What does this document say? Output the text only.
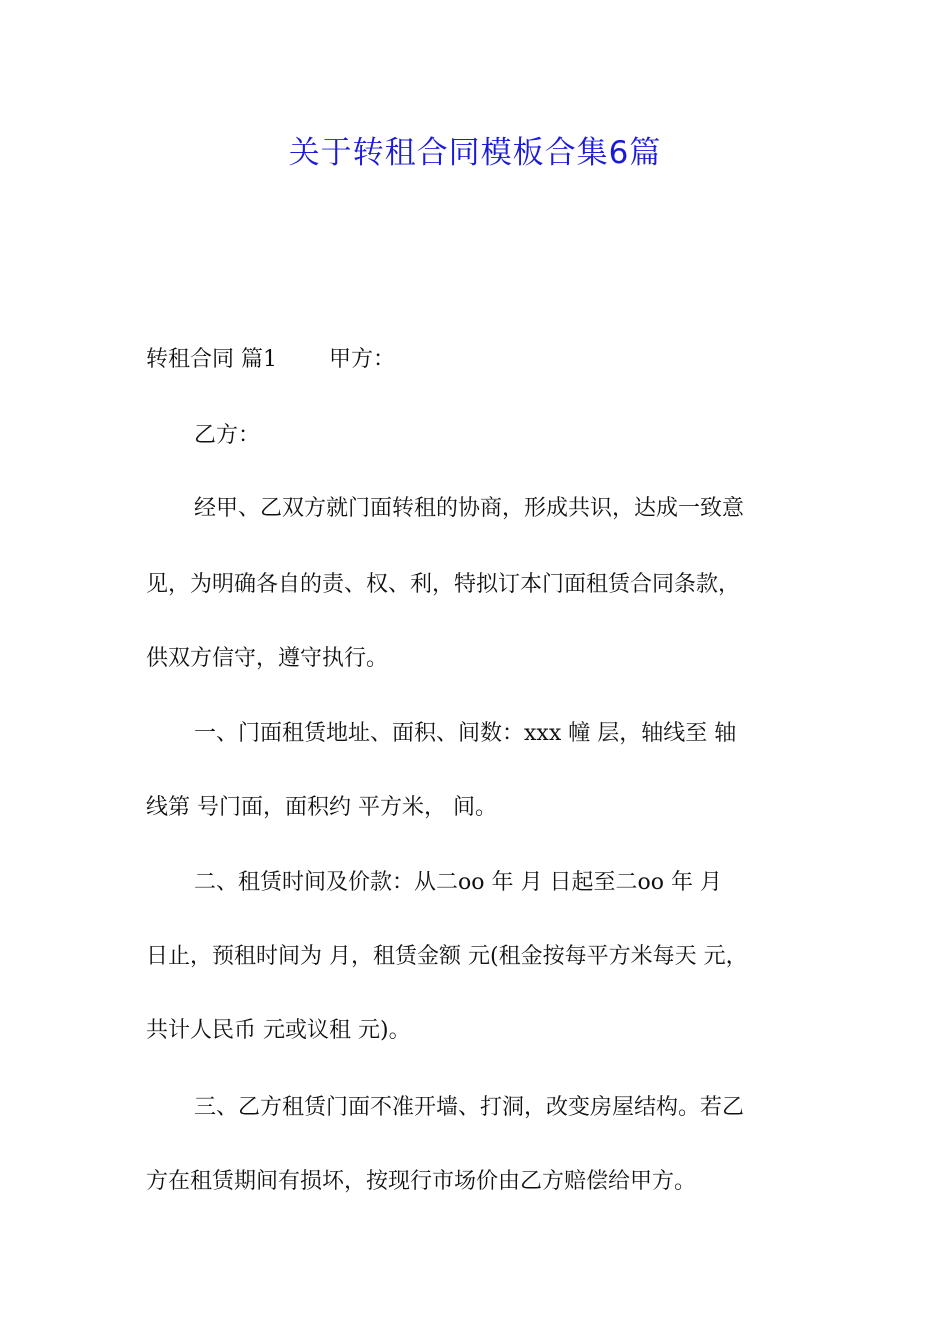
关于转租合同模板合集6篇
转租合同 篇1 甲方：
乙方：
经甲、乙双方就门面转租的协商，形成共识，达成一致意
见，为明确各自的责、权、利，特拟订本门面租赁合同条款，
供双方信守，遵守执行。
一、门面租赁地址、面积、间数：xxx 幢 层，轴线至 轴
线第 号门面，面积约 平方米， 间。
二、租赁时间及价款：从二oo 年 月 日起至二oo 年 月
日止，预租时间为 月，租赁金额 元(租金按每平方米每天 元，
共计人民币 元或议租 元)。
三、乙方租赁门面不准开墙、打洞，改变房屋结构。若乙
方在租赁期间有损坏，按现行市场价由乙方赔偿给甲方。
